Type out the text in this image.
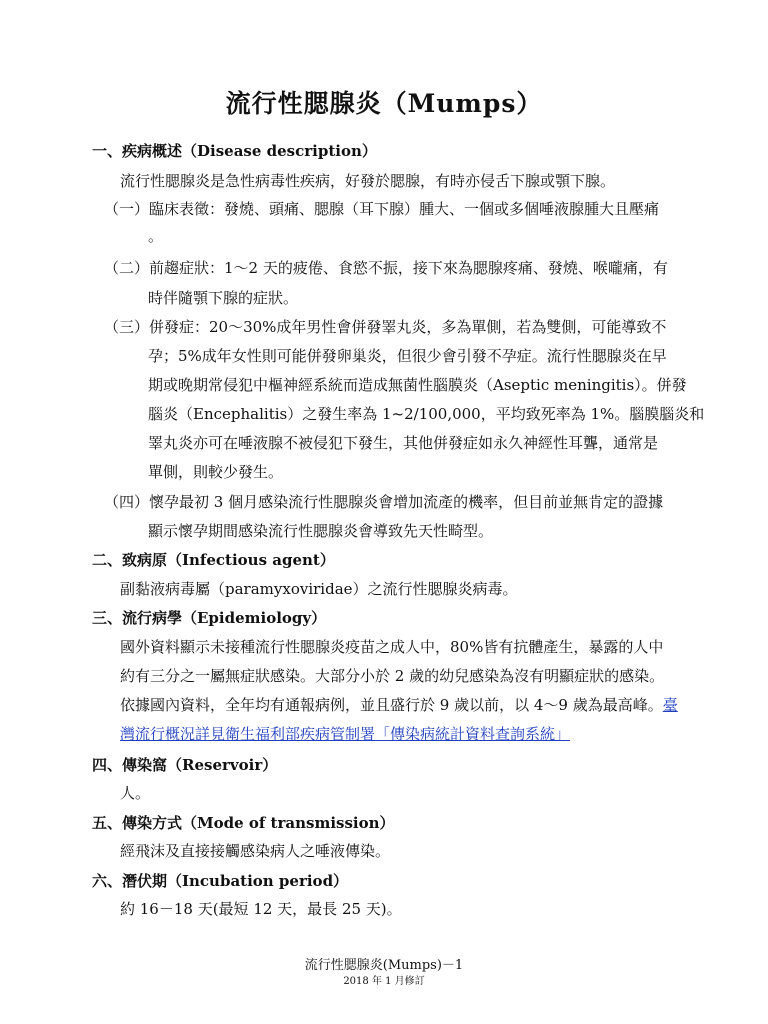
流行性腮腺炎（Mumps）
一、疾病概述（Disease description）
流行性腮腺炎是急性病毒性疾病，好發於腮腺，有時亦侵舌下腺或顎下腺。
（一）臨床表徵：發燒、頭痛、腮腺（耳下腺）腫大、一個或多個唾液腺腫大且壓痛
。
（二）前趨症狀：1～2 天的疲倦、食慾不振，接下來為腮腺疼痛、發燒、喉嚨痛，有
時伴隨顎下腺的症狀。
（三）併發症：20～30%成年男性會併發睪丸炎，多為單側，若為雙側，可能導致不
孕；5%成年女性則可能併發卵巢炎，但很少會引發不孕症。流行性腮腺炎在早
期或晚期常侵犯中樞神經系統而造成無菌性腦膜炎（Aseptic meningitis）。併發
腦炎（Encephalitis）之發生率為 1~2/100,000，平均致死率為 1%。腦膜腦炎和
睪丸炎亦可在唾液腺不被侵犯下發生，其他併發症如永久神經性耳聾，通常是
單側，則較少發生。
（四）懷孕最初 3 個月感染流行性腮腺炎會增加流產的機率，但目前並無肯定的證據
顯示懷孕期間感染流行性腮腺炎會導致先天性畸型。
二、致病原（Infectious agent）
副黏液病毒屬（paramyxoviridae）之流行性腮腺炎病毒。
三、流行病學（Epidemiology）
國外資料顯示未接種流行性腮腺炎疫苗之成人中，80%皆有抗體產生，暴露的人中
約有三分之一屬無症狀感染。大部分小於 2 歲的幼兒感染為沒有明顯症狀的感染。
依據國內資料，全年均有通報病例，並且盛行於 9 歲以前，以 4～9 歲為最高峰。臺
灣流行概況詳見衛生福利部疾病管制署「傳染病統計資料查詢系統」
四、傳染窩（Reservoir）
人。
五、傳染方式（Mode of transmission）
經飛沫及直接接觸感染病人之唾液傳染。
六、潛伏期（Incubation period）
約 16－18 天(最短 12 天，最長 25 天)。
流行性腮腺炎(Mumps)－1
2018 年 1 月修訂
